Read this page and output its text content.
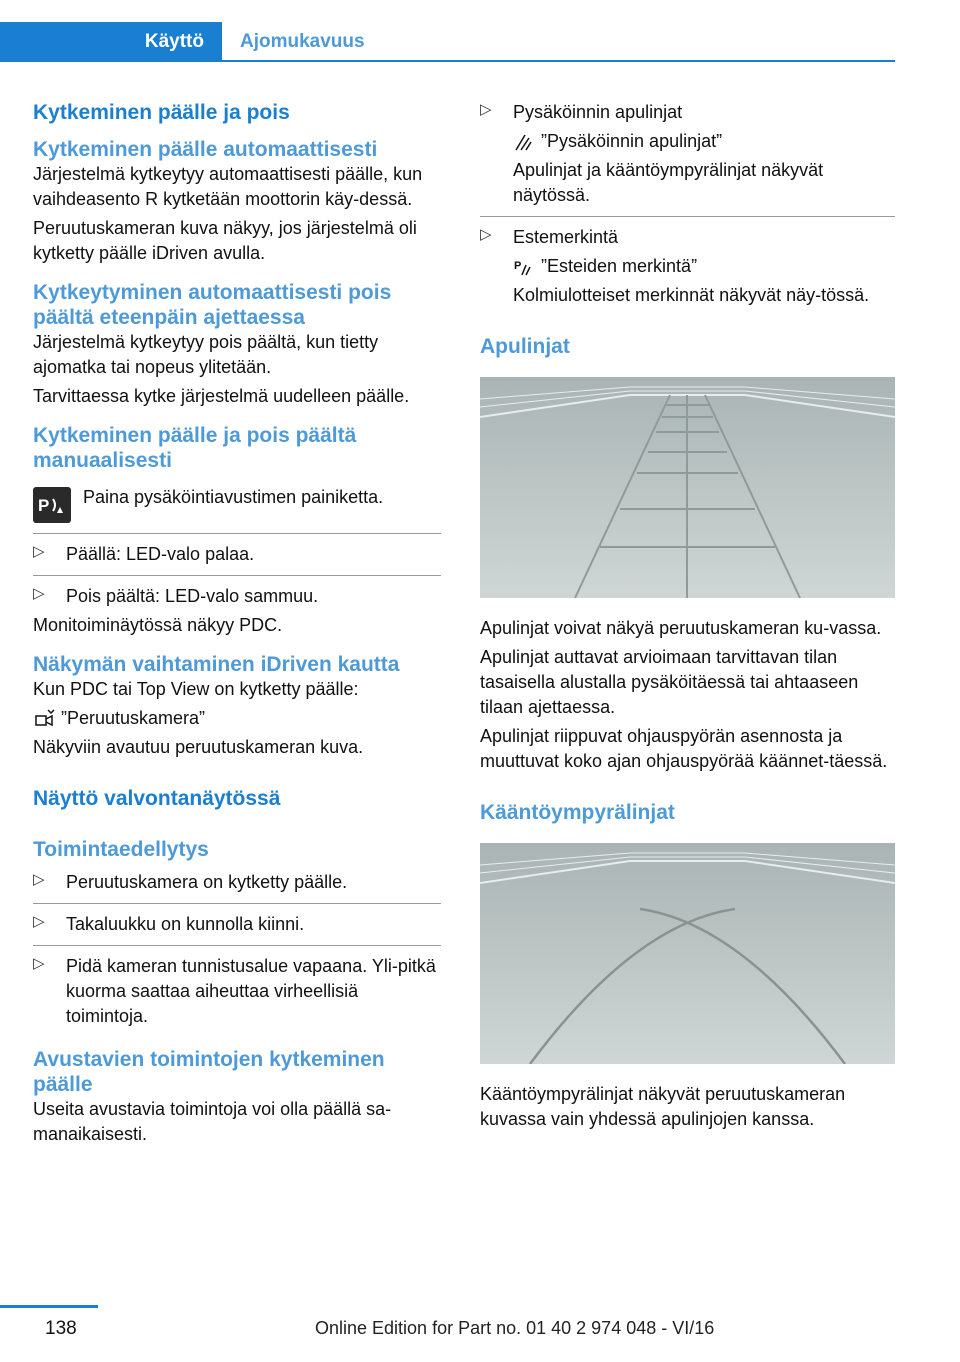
Käyttö Ajomukavuus
Kytkeminen päälle ja pois
Kytkeminen päälle automaattisesti

Järjestelmä kytkeytyy automaattisesti päälle, kun vaihdeasento R kytketään moottorin käy-dessä.

Peruutuskameran kuva näkyy, jos järjestelmä oli kytketty päälle iDriven avulla.

Kytkeytyminen automaattisesti pois päältä eteenpäin ajettaessa

Järjestelmä kytkeytyy pois päältä, kun tietty ajomatka tai nopeus ylitetään.

Tarvittaessa kytke järjestelmä uudelleen päälle.

Kytkeminen päälle ja pois päältä manuaalisesti
P Paina pysäköintiavustimen painiketta.

▷ Päällä: LED-valo palaa.

▷ Pois päältä: LED-valo sammuu.

Monitoiminäytössä näkyy PDC.

Näkymän vaihtaminen iDriven kautta

Kun PDC tai Top View on kytketty päälle:

”Peruutuskamera”

Näkyviin avautuu peruutuskameran kuva.

Näyttö valvontanäytössä
Toimintaedellytys
▷ Peruutuskamera on kytketty päälle.

▷ Takaluukku on kunnolla kiinni.

▷ Pidä kameran tunnistusalue vapaana. Yli-pitkä kuorma saattaa aiheuttaa virheellisiä toimintoja.

Avustavien toimintojen kytkeminen päälle

Useita avustavia toimintoja voi olla päällä sa-manaikaisesti.

▷ Pysäköinnin apulinjat

”Pysäköinnin apulinjat”

Apulinjat ja kääntöympyrälinjat näkyvät näytössä.

▷ Estemerkintä

P ”Esteiden merkintä”

Kolmiulotteiset merkinnät näkyvät näy-tössä.

Apulinjat

Apulinjat voivat näkyä peruutuskameran ku-vassa.

Apulinjat auttavat arvioimaan tarvittavan tilan tasaisella alustalla pysäköitäessä tai ahtaaseen tilaan ajettaessa.

Apulinjat riippuvat ohjauspyörän asennosta ja muuttuvat koko ajan ohjauspyörää käännet-täessä.

Kääntöympyrälinjat

Kääntöympyrälinjat näkyvät peruutuskameran kuvassa vain yhdessä apulinjojen kanssa.

138	Online Edition for Part no. 01 40 2 974 048 - VI/16
